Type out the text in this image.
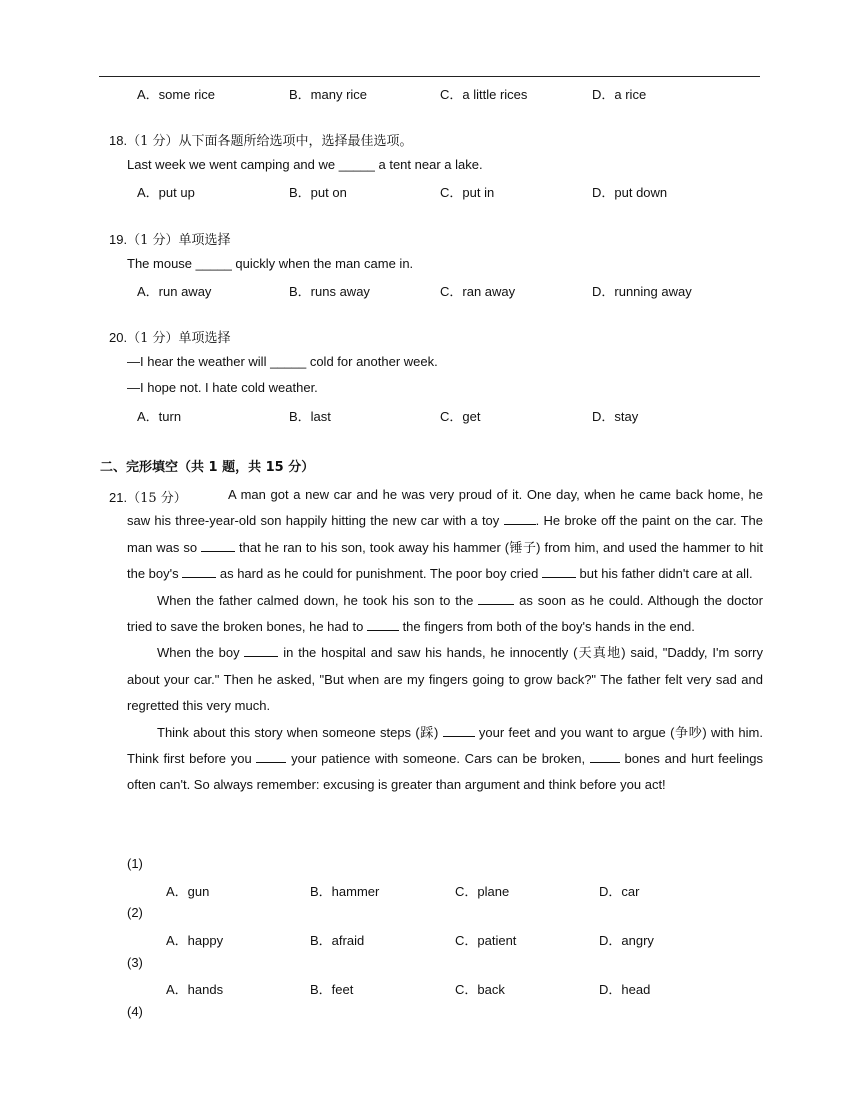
A．some rice	B．many rice	C．a little rices	D．a rice
18.（1 分）从下面各题所给选项中，选择最佳选项。
Last week we went camping and we _____ a tent near a lake.
A．put up	B．put on	C．put in	D．put down
19.（1 分）单项选择
The mouse _____ quickly when the man came in.
A．run away	B．runs away	C．ran away	D．running away
20.（1 分）单项选择
—I hear the weather will _____ cold for another week.
—I hope not. I hate cold weather.
A．turn	B．last	C．get	D．stay
二、完形填空（共 1 题，共 15 分）
21.（15 分）	A man got a new car and he was very proud of it. One day, when he came back home, he saw his three-year-old son happily hitting the new car with a toy . He broke off the paint on the car. The man was so	that he ran to his son, took away his hammer (锤子) from him, and used the hammer to hit the boy's	as hard as he could for punishment. The poor boy cried	but his father didn't care at all.

When the father calmed down, he took his son to the	as soon as he could. Although the doctor tried to save the broken bones, he had to  the fingers from both of the boy's hands in the end.

When the boy	in the hospital and saw his hands, he innocently (天真地) said, "Daddy, I'm sorry about your car." Then he asked, "But when are my fingers going to grow back?" The father felt very sad and regretted this very much.

Think about this story when someone steps (踩)  your feet and you want to argue (争吵) with him. Think first before you  your patience with someone. Cars can be broken,  bones and hurt feelings often can't. So always remember: excusing is greater than argument and think before you act!

(1)
A．gun	B．hammer	C．plane	D．car
(2)
A．happy	B．afraid	C．patient	D．angry
(3)
A．hands	B．feet	C．back	D．head
(4)
